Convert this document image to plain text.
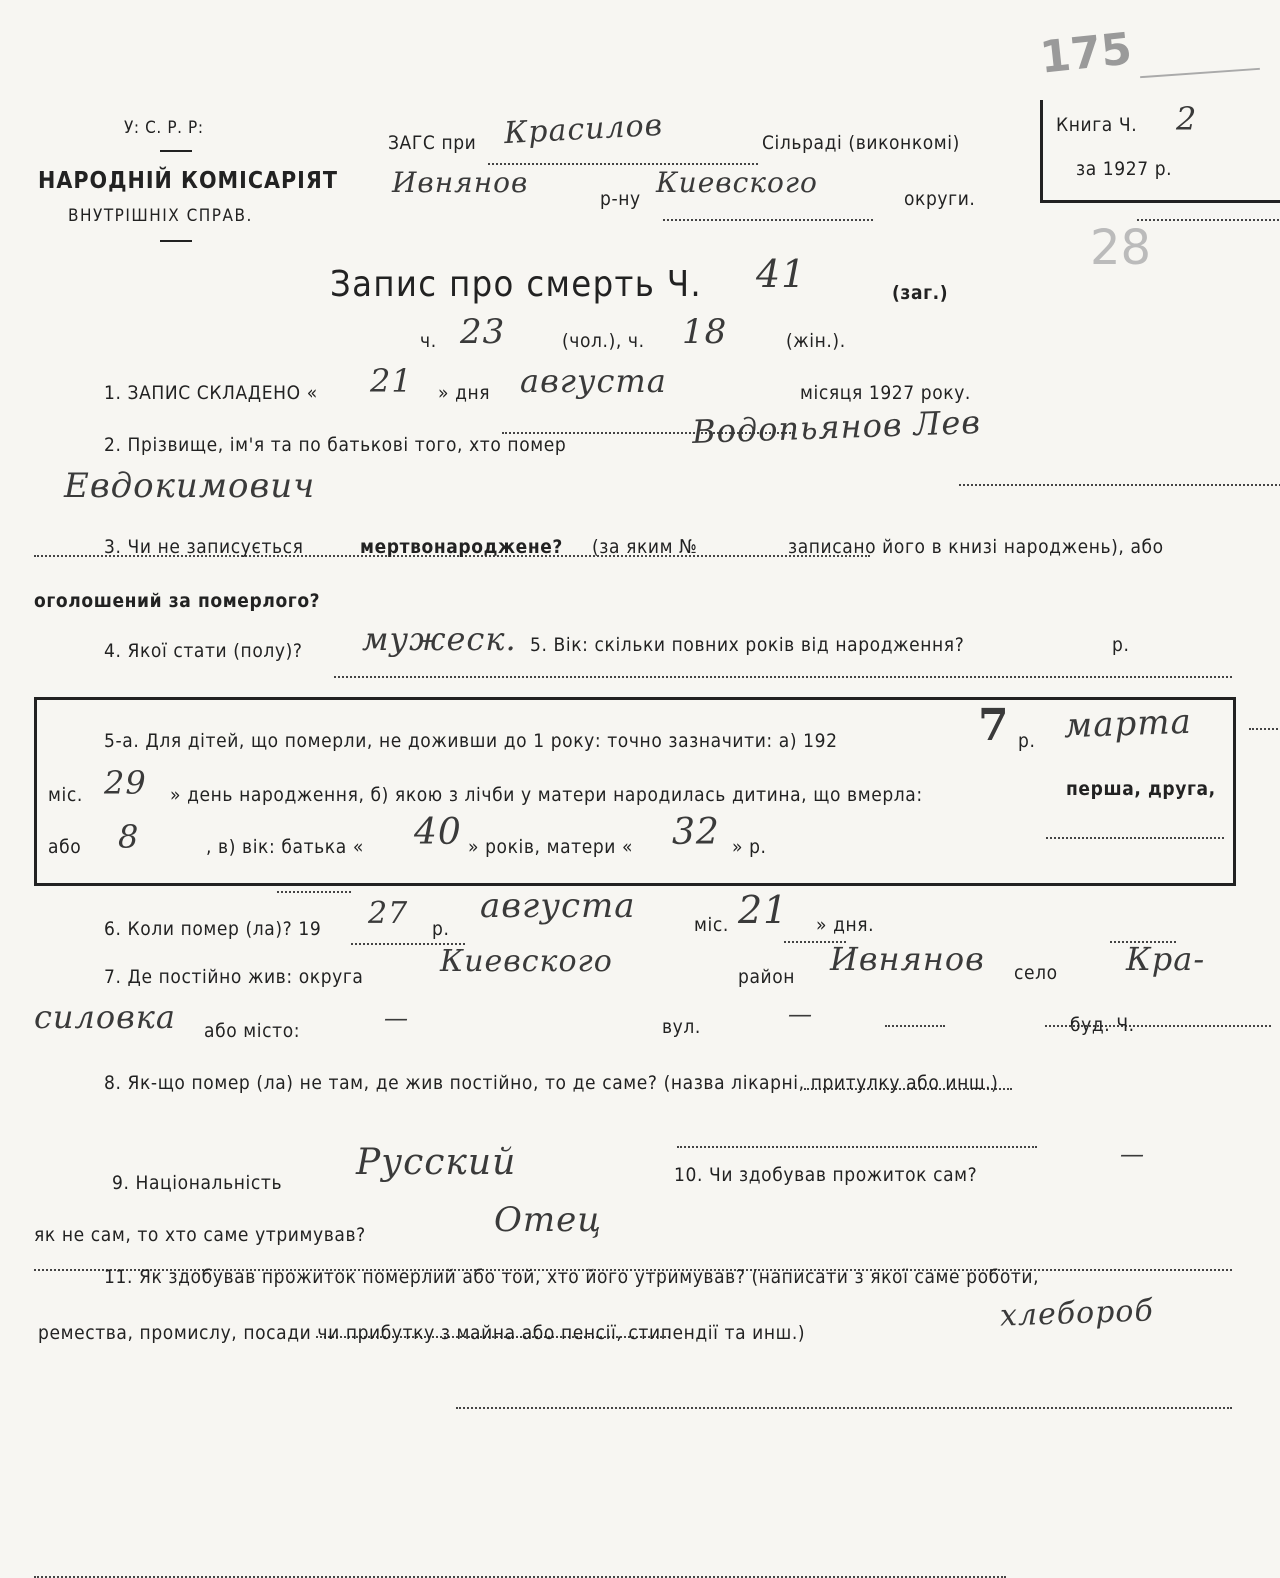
175
28
У: С. Р. Р:
НАРОДНІЙ КОМІСАРІЯТ
ВНУТРІШНІХ СПРАВ.
ЗАГС при
Красилов	Сільраді (виконкомі)
Ивнянов
	р-ну Киевского
	округи.
Книга Ч.
2
за 1927 р.
Запис про смерть Ч. 41
	(заг.)
ч. 23
	(чол.), ч. 18
	(жін.).
1. ЗАПИС СКЛАДЕНО « 21
» дня августа
	місяця 1927 року.
2. Прізвище, ім'я та по батькові того, хто помер	Водопьянов Лев

Евдокимович

3. Чи не записується	мертвонароджене? (за яким №
	записано його в книзі народжень), або
оголошений за померлого?

4. Якої стати (полу)? мужеск.
5. Вік: скільки повних років від народження?
	р.
5-а. Для дітей, що померли, не доживши до 1 року: точно зазначити: а) 192	7
р. марта

міс. 29
» день народження, б) якою з лічби у матери народилась дитина, що вмерла:	перша, друга,
або 8
	, в) вік: батька « 40
» років, матери « 32
» р.
6. Коли помер (ла)? 19 27
р.
августа
	міс. 21
» дня.
7. Де постійно жив: округа	Киевского
	район Ивнянов
село Кра-

силовка або місто:
	—	вул.
	—	буд. Ч.

8. Як-що помер (ла) не там, де жив постійно, то де саме? (назва лікарні, притулку або инш.)

9. Національність Русский
	10. Чи здобував прожиток сам?
—

як не сам, то хто саме утримував?	Отец

11. Як здобував прожиток померлий або той, хто його утримував? (написати з якої саме роботи,
ремества, промислу, посади чи прибутку з майна або пенсії, стипендії та инш.)	хлебороб
